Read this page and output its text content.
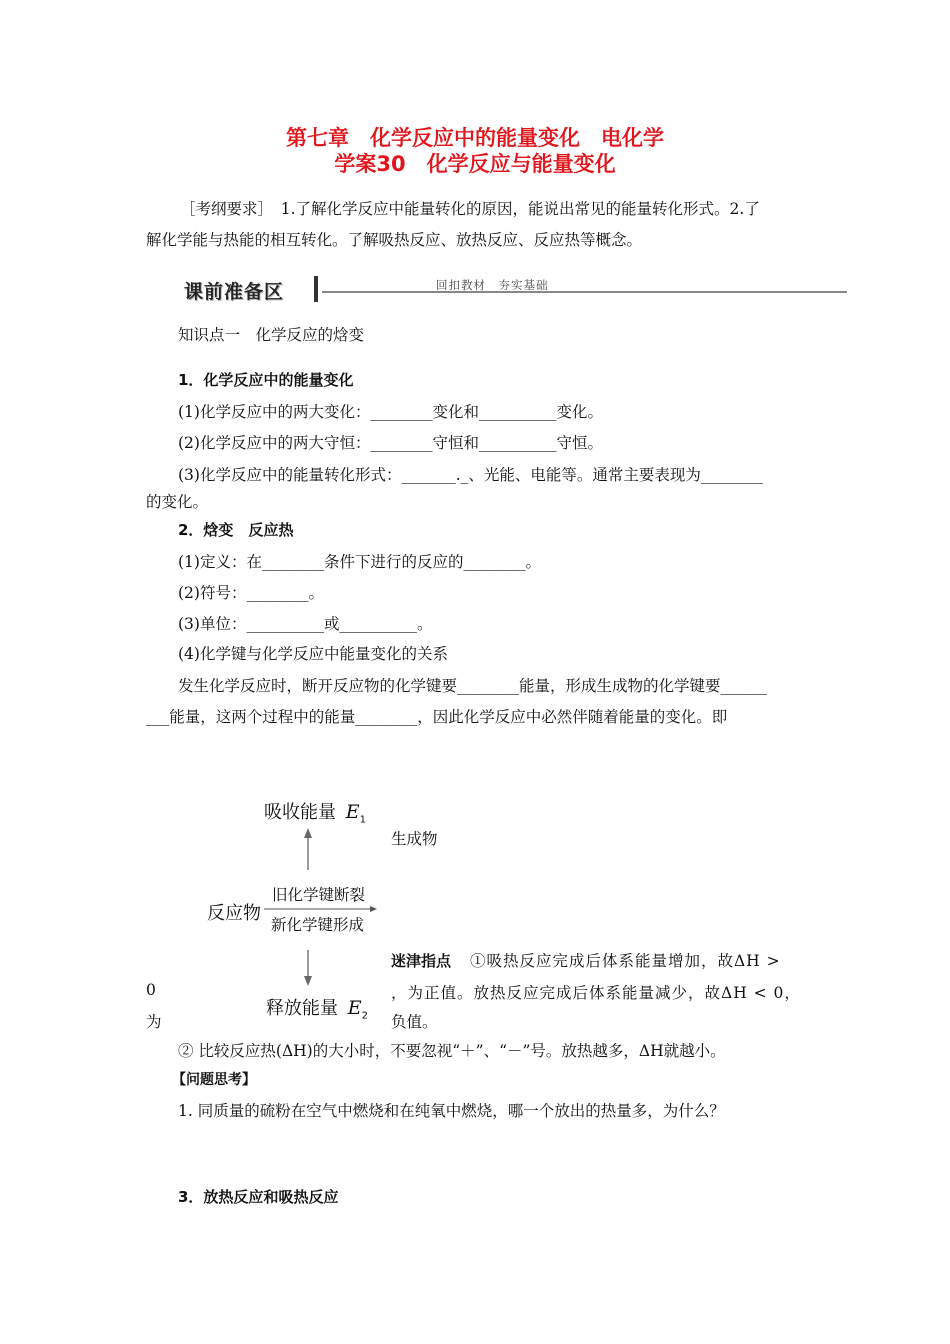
第七章　化学反应中的能量变化　电化学
学案30　化学反应与能量变化
［考纲要求］　1.了解化学反应中能量转化的原因，能说出常见的能量转化形式。2.了
解化学能与热能的相互转化。了解吸热反应、放热反应、反应热等概念。
课前准备区	回扣教材　夯实基础
知识点一　化学反应的焓变
1．化学反应中的能量变化
(1)化学反应中的两大变化：________变化和__________变化。
(2)化学反应中的两大守恒：________守恒和__________守恒。
(3)化学反应中的能量转化形式：_______._、光能、电能等。通常主要表现为________
的变化。
2．焓变　反应热
(1)定义：在________条件下进行的反应的________。
(2)符号：________。
(3)单位：__________或__________。
(4)化学键与化学反应中能量变化的关系
发生化学反应时，断开反应物的化学键要________能量，形成生成物的化学键要______
___能量，这两个过程中的能量________，因此化学反应中必然伴随着能量的变化。即
吸收能量 $E_1$
生成物
反应物
旧化学键断裂
新化学键形成
释放能量 $E_2$
迷津指点 ①吸热反应完成后体系能量增加，故ΔH >
0	，为正值。放热反应完成后体系能量减少，故ΔH < 0，
为	负值。
② 比较反应热(ΔH)的大小时，不要忽视“＋”、“－”号。放热越多，ΔH就越小。
【问题思考】
1. 同质量的硫粉在空气中燃烧和在纯氧中燃烧，哪一个放出的热量多，为什么？
3．放热反应和吸热反应
